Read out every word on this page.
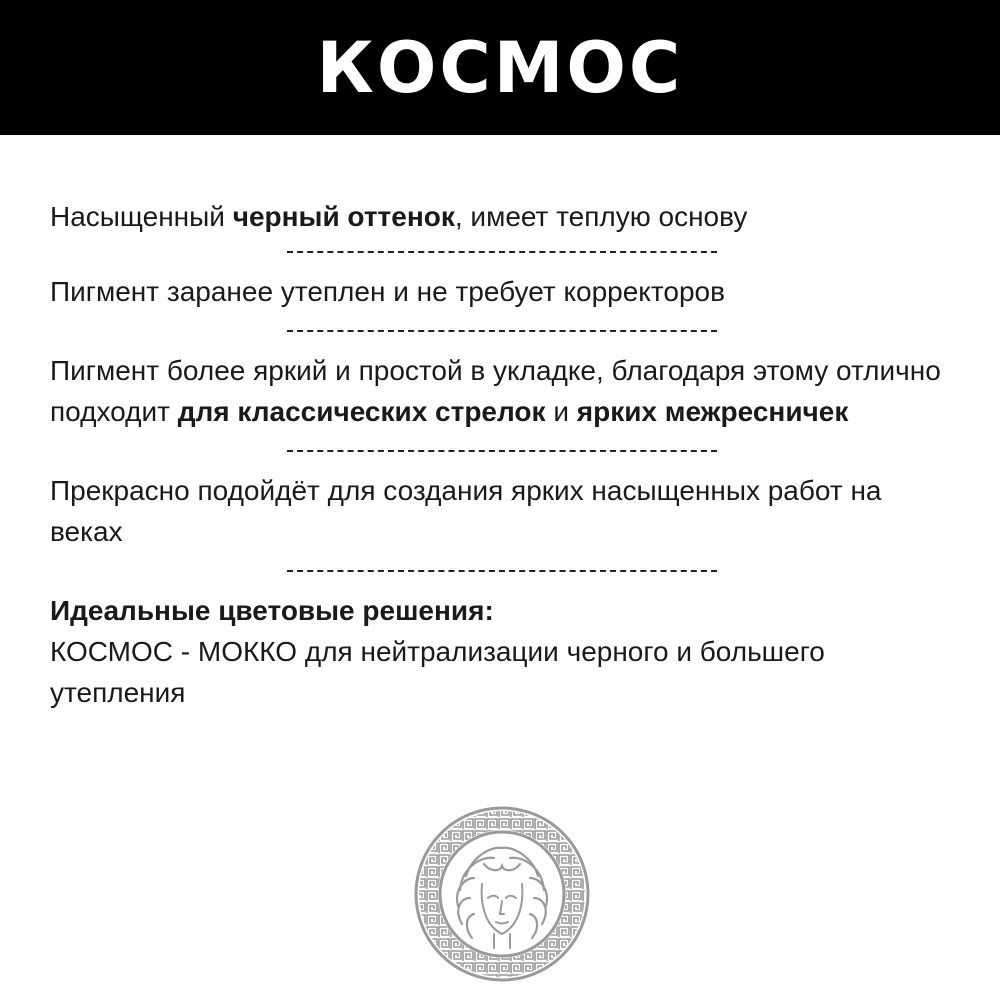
КОСМОС

Насыщенный черный оттенок, имеет теплую основу

Пигмент заранее утеплен и не требует корректоров

Пигмент более яркий и простой в укладке, благодаря этому отлично подходит для классических стрелок и ярких межресничек

Прекрасно подойдёт для создания ярких насыщенных работ на веках

Идеальные цветовые решения:
КОСМОС - МОККО для нейтрализации черного и большего утепления
